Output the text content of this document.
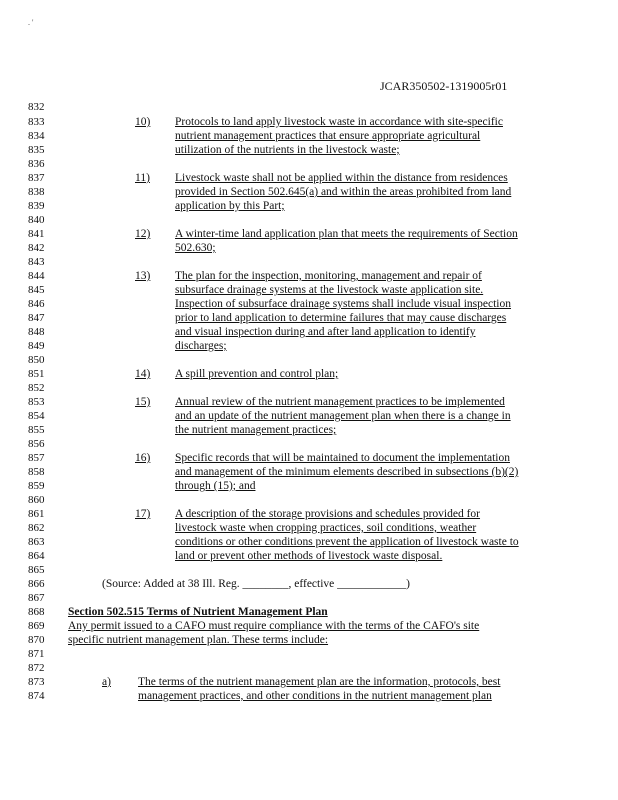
. '
JCAR350502-1319005r01
832
833
834
835
836
837
838
839
840
841
842
843
844
845
846
847
848
849
850
851
852
853
854
855
856
857
858
859
860
861
862
863
864
865
866
867
868
869
870
871
872
873
874
10) Protocols to land apply livestock waste in accordance with site-specific
nutrient management practices that ensure appropriate agricultural
utilization of the nutrients in the livestock waste;
11) Livestock waste shall not be applied within the distance from residences
provided in Section 502.645(a) and within the areas prohibited from land
application by this Part;
12) A winter-time land application plan that meets the requirements of Section
502.630;
13) The plan for the inspection, monitoring, management and repair of
subsurface drainage systems at the livestock waste application site.
Inspection of subsurface drainage systems shall include visual inspection
prior to land application to determine failures that may cause discharges
and visual inspection during and after land application to identify
discharges;
14) A spill prevention and control plan;
15) Annual review of the nutrient management practices to be implemented
and an update of the nutrient management plan when there is a change in
the nutrient management practices;
16) Specific records that will be maintained to document the implementation
and management of the minimum elements described in subsections (b)(2)
through (15); and
17) A description of the storage provisions and schedules provided for
livestock waste when cropping practices, soil conditions, weather
conditions or other conditions prevent the application of livestock waste to
land or prevent other methods of livestock waste disposal.
(Source: Added at 38 Ill. Reg. ________, effective ____________)
Section 502.515 Terms of Nutrient Management Plan
Any permit issued to a CAFO must require compliance with the terms of the CAFO's site
specific nutrient management plan. These terms include:
a) The terms of the nutrient management plan are the information, protocols, best
management practices, and other conditions in the nutrient management plan
